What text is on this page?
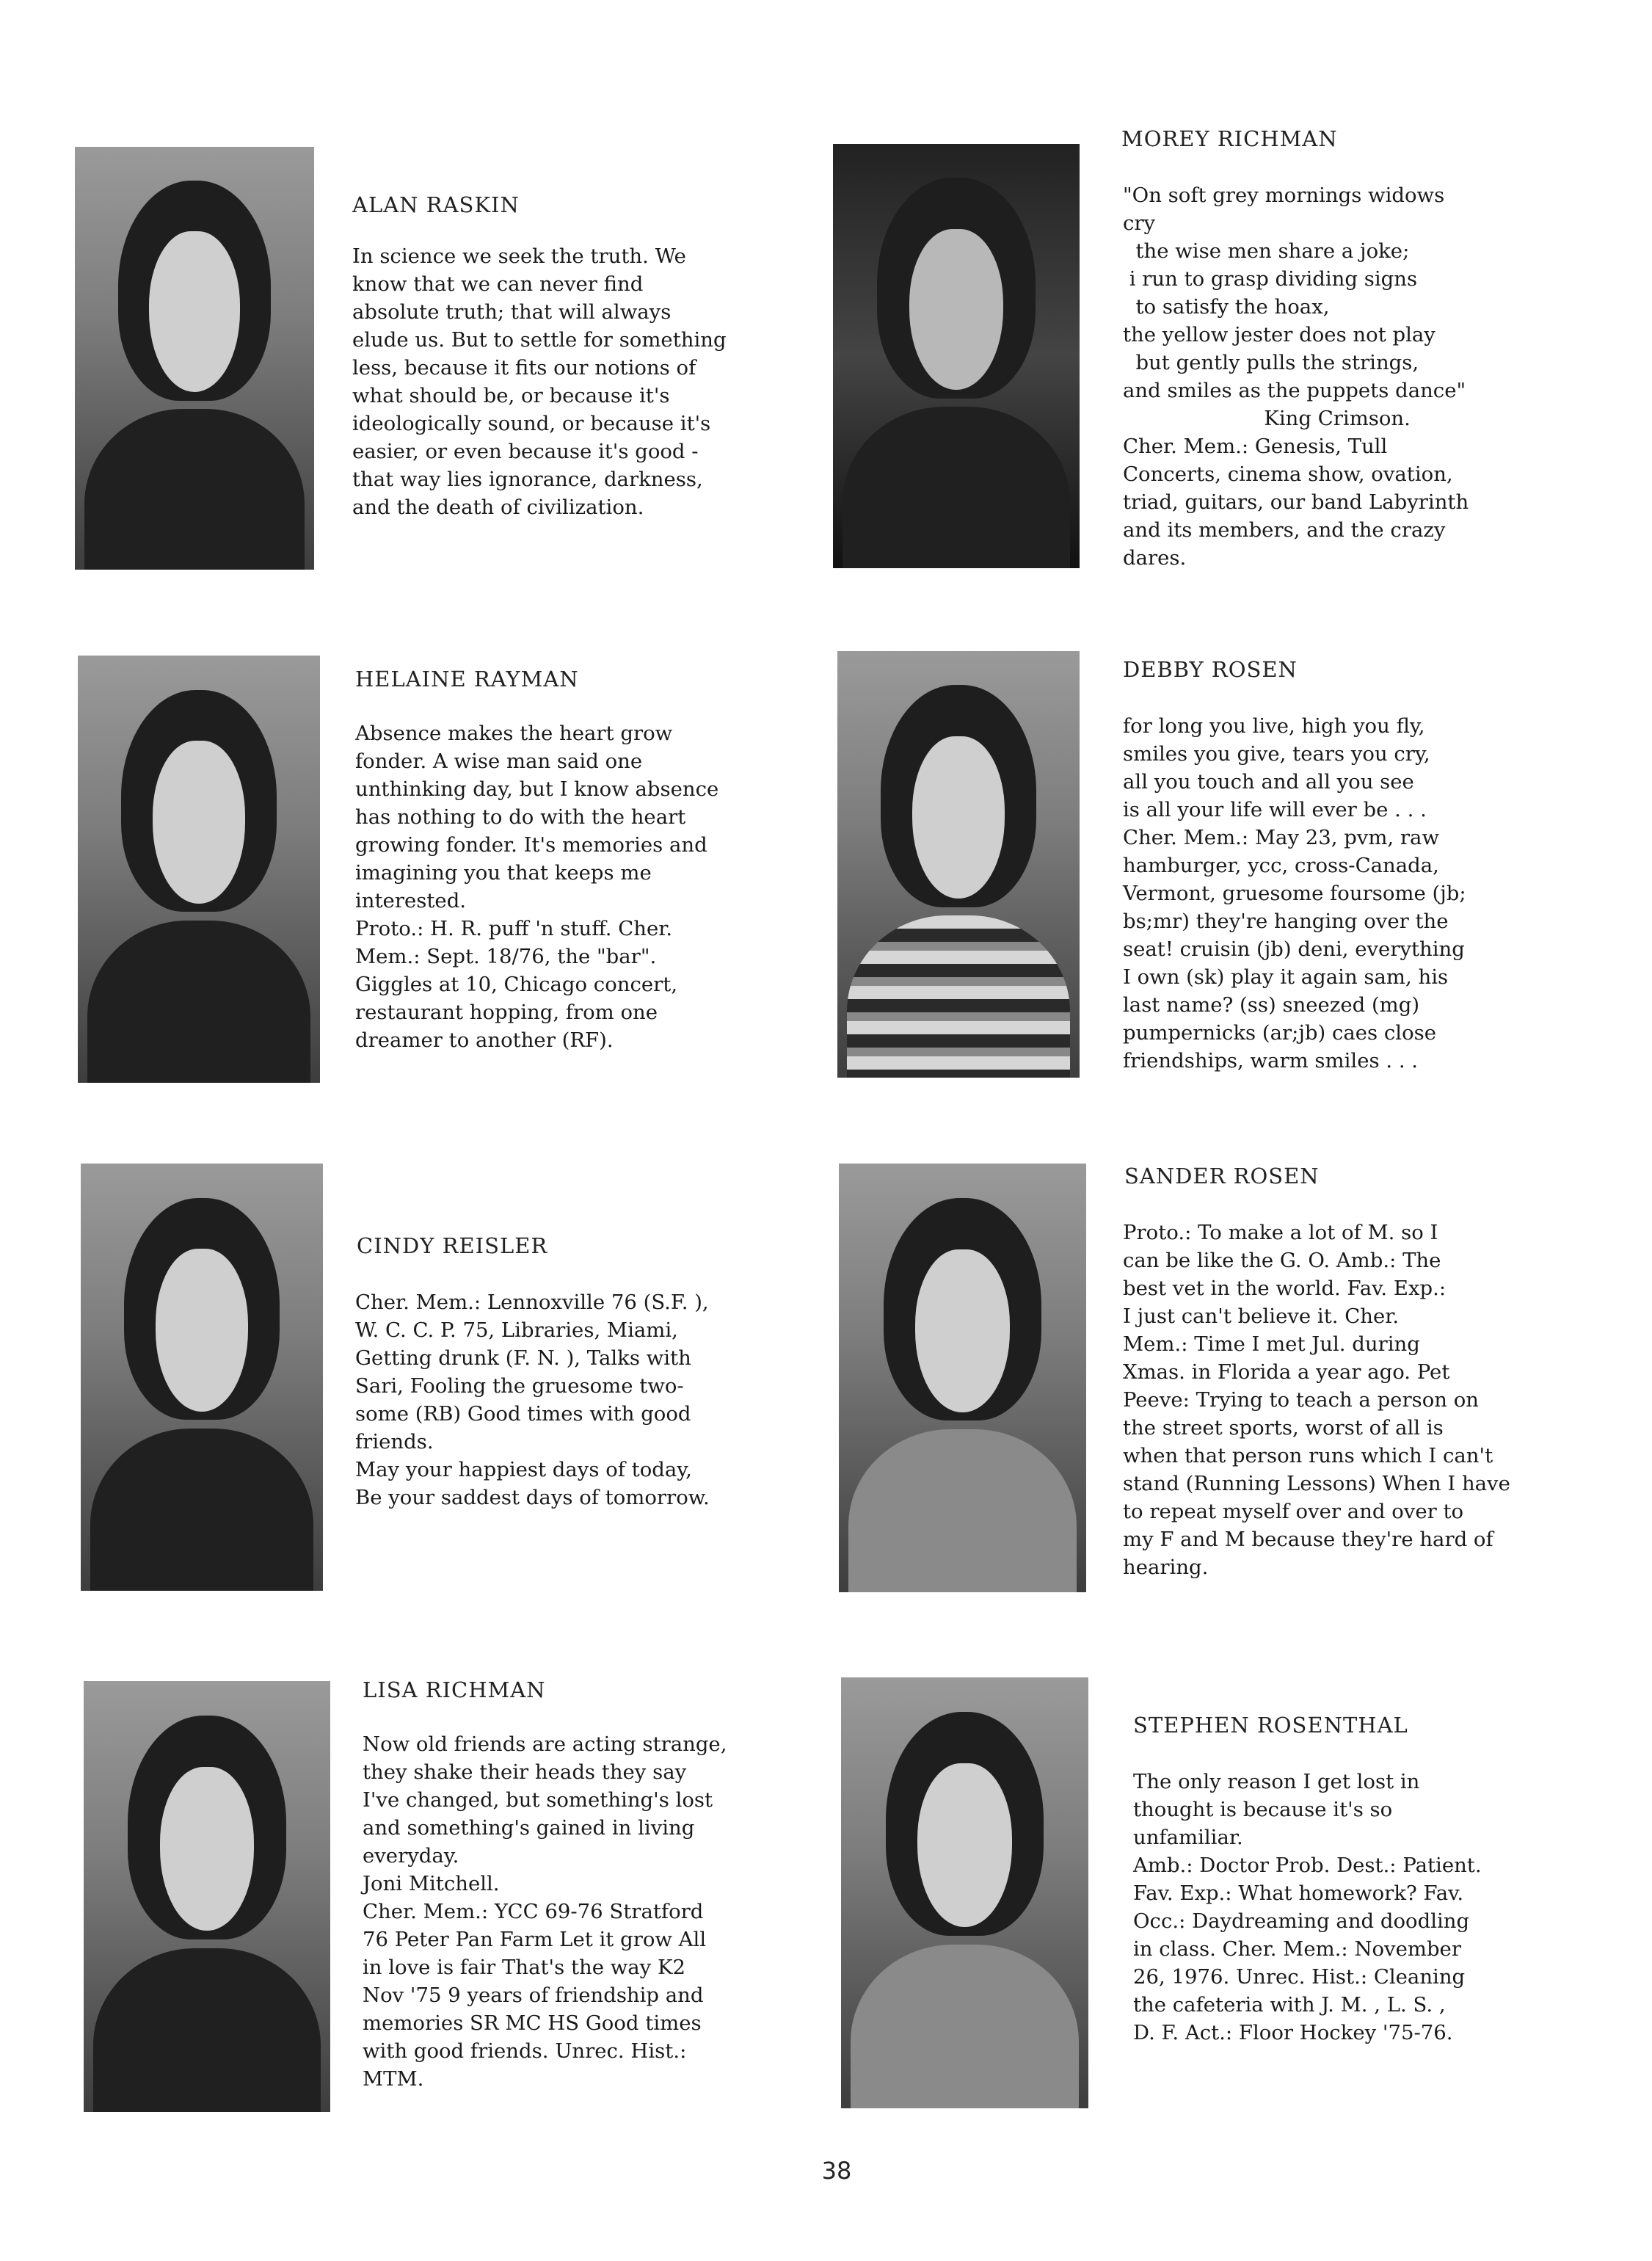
ALAN RASKIN
In science we seek the truth. We
know that we can never find
absolute truth; that will always
elude us. But to settle for something
less, because it fits our notions of
what should be, or because it's
ideologically sound, or because it's
easier, or even because it's good -
that way lies ignorance, darkness,
and the death of civilization.
MOREY RICHMAN
"On soft grey mornings widows
cry
the wise men share a joke;
i run to grasp dividing signs
to satisfy the hoax,
the yellow jester does not play
but gently pulls the strings,
and smiles as the puppets dance"
King Crimson.
Cher. Mem.: Genesis, Tull
Concerts, cinema show, ovation,
triad, guitars, our band Labyrinth
and its members, and the crazy
dares.
HELAINE RAYMAN
Absence makes the heart grow
fonder. A wise man said one
unthinking day, but I know absence
has nothing to do with the heart
growing fonder. It's memories and
imagining you that keeps me
interested.
Proto.: H. R. puff 'n stuff. Cher.
Mem.: Sept. 18/76, the "bar".
Giggles at 10, Chicago concert,
restaurant hopping, from one
dreamer to another (RF).
DEBBY ROSEN
for long you live, high you fly,
smiles you give, tears you cry,
all you touch and all you see
is all your life will ever be . . .
Cher. Mem.: May 23, pvm, raw
hamburger, ycc, cross-Canada,
Vermont, gruesome foursome (jb;
bs;mr) they're hanging over the
seat! cruisin (jb) deni, everything
I own (sk) play it again sam, his
last name? (ss) sneezed (mg)
pumpernicks (ar;jb) caes close
friendships, warm smiles . . .
CINDY REISLER
Cher. Mem.: Lennoxville 76 (S.F. ),
W. C. C. P. 75, Libraries, Miami,
Getting drunk (F. N. ), Talks with
Sari, Fooling the gruesome two-
some (RB) Good times with good
friends.
May your happiest days of today,
Be your saddest days of tomorrow.
SANDER ROSEN
Proto.: To make a lot of M. so I
can be like the G. O. Amb.: The
best vet in the world. Fav. Exp.:
I just can't believe it. Cher.
Mem.: Time I met Jul. during
Xmas. in Florida a year ago. Pet
Peeve: Trying to teach a person on
the street sports, worst of all is
when that person runs which I can't
stand (Running Lessons) When I have
to repeat myself over and over to
my F and M because they're hard of
hearing.
LISA RICHMAN
Now old friends are acting strange,
they shake their heads they say
I've changed, but something's lost
and something's gained in living
everyday.
Joni Mitchell.
Cher. Mem.: YCC 69-76 Stratford
76 Peter Pan Farm Let it grow All
in love is fair That's the way K2
Nov '75 9 years of friendship and
memories SR MC HS Good times
with good friends. Unrec. Hist.:
MTM.
STEPHEN ROSENTHAL
The only reason I get lost in
thought is because it's so
unfamiliar.
Amb.: Doctor Prob. Dest.: Patient.
Fav. Exp.: What homework? Fav.
Occ.: Daydreaming and doodling
in class. Cher. Mem.: November
26, 1976. Unrec. Hist.: Cleaning
the cafeteria with J. M. , L. S. ,
D. F. Act.: Floor Hockey '75-76.
38
